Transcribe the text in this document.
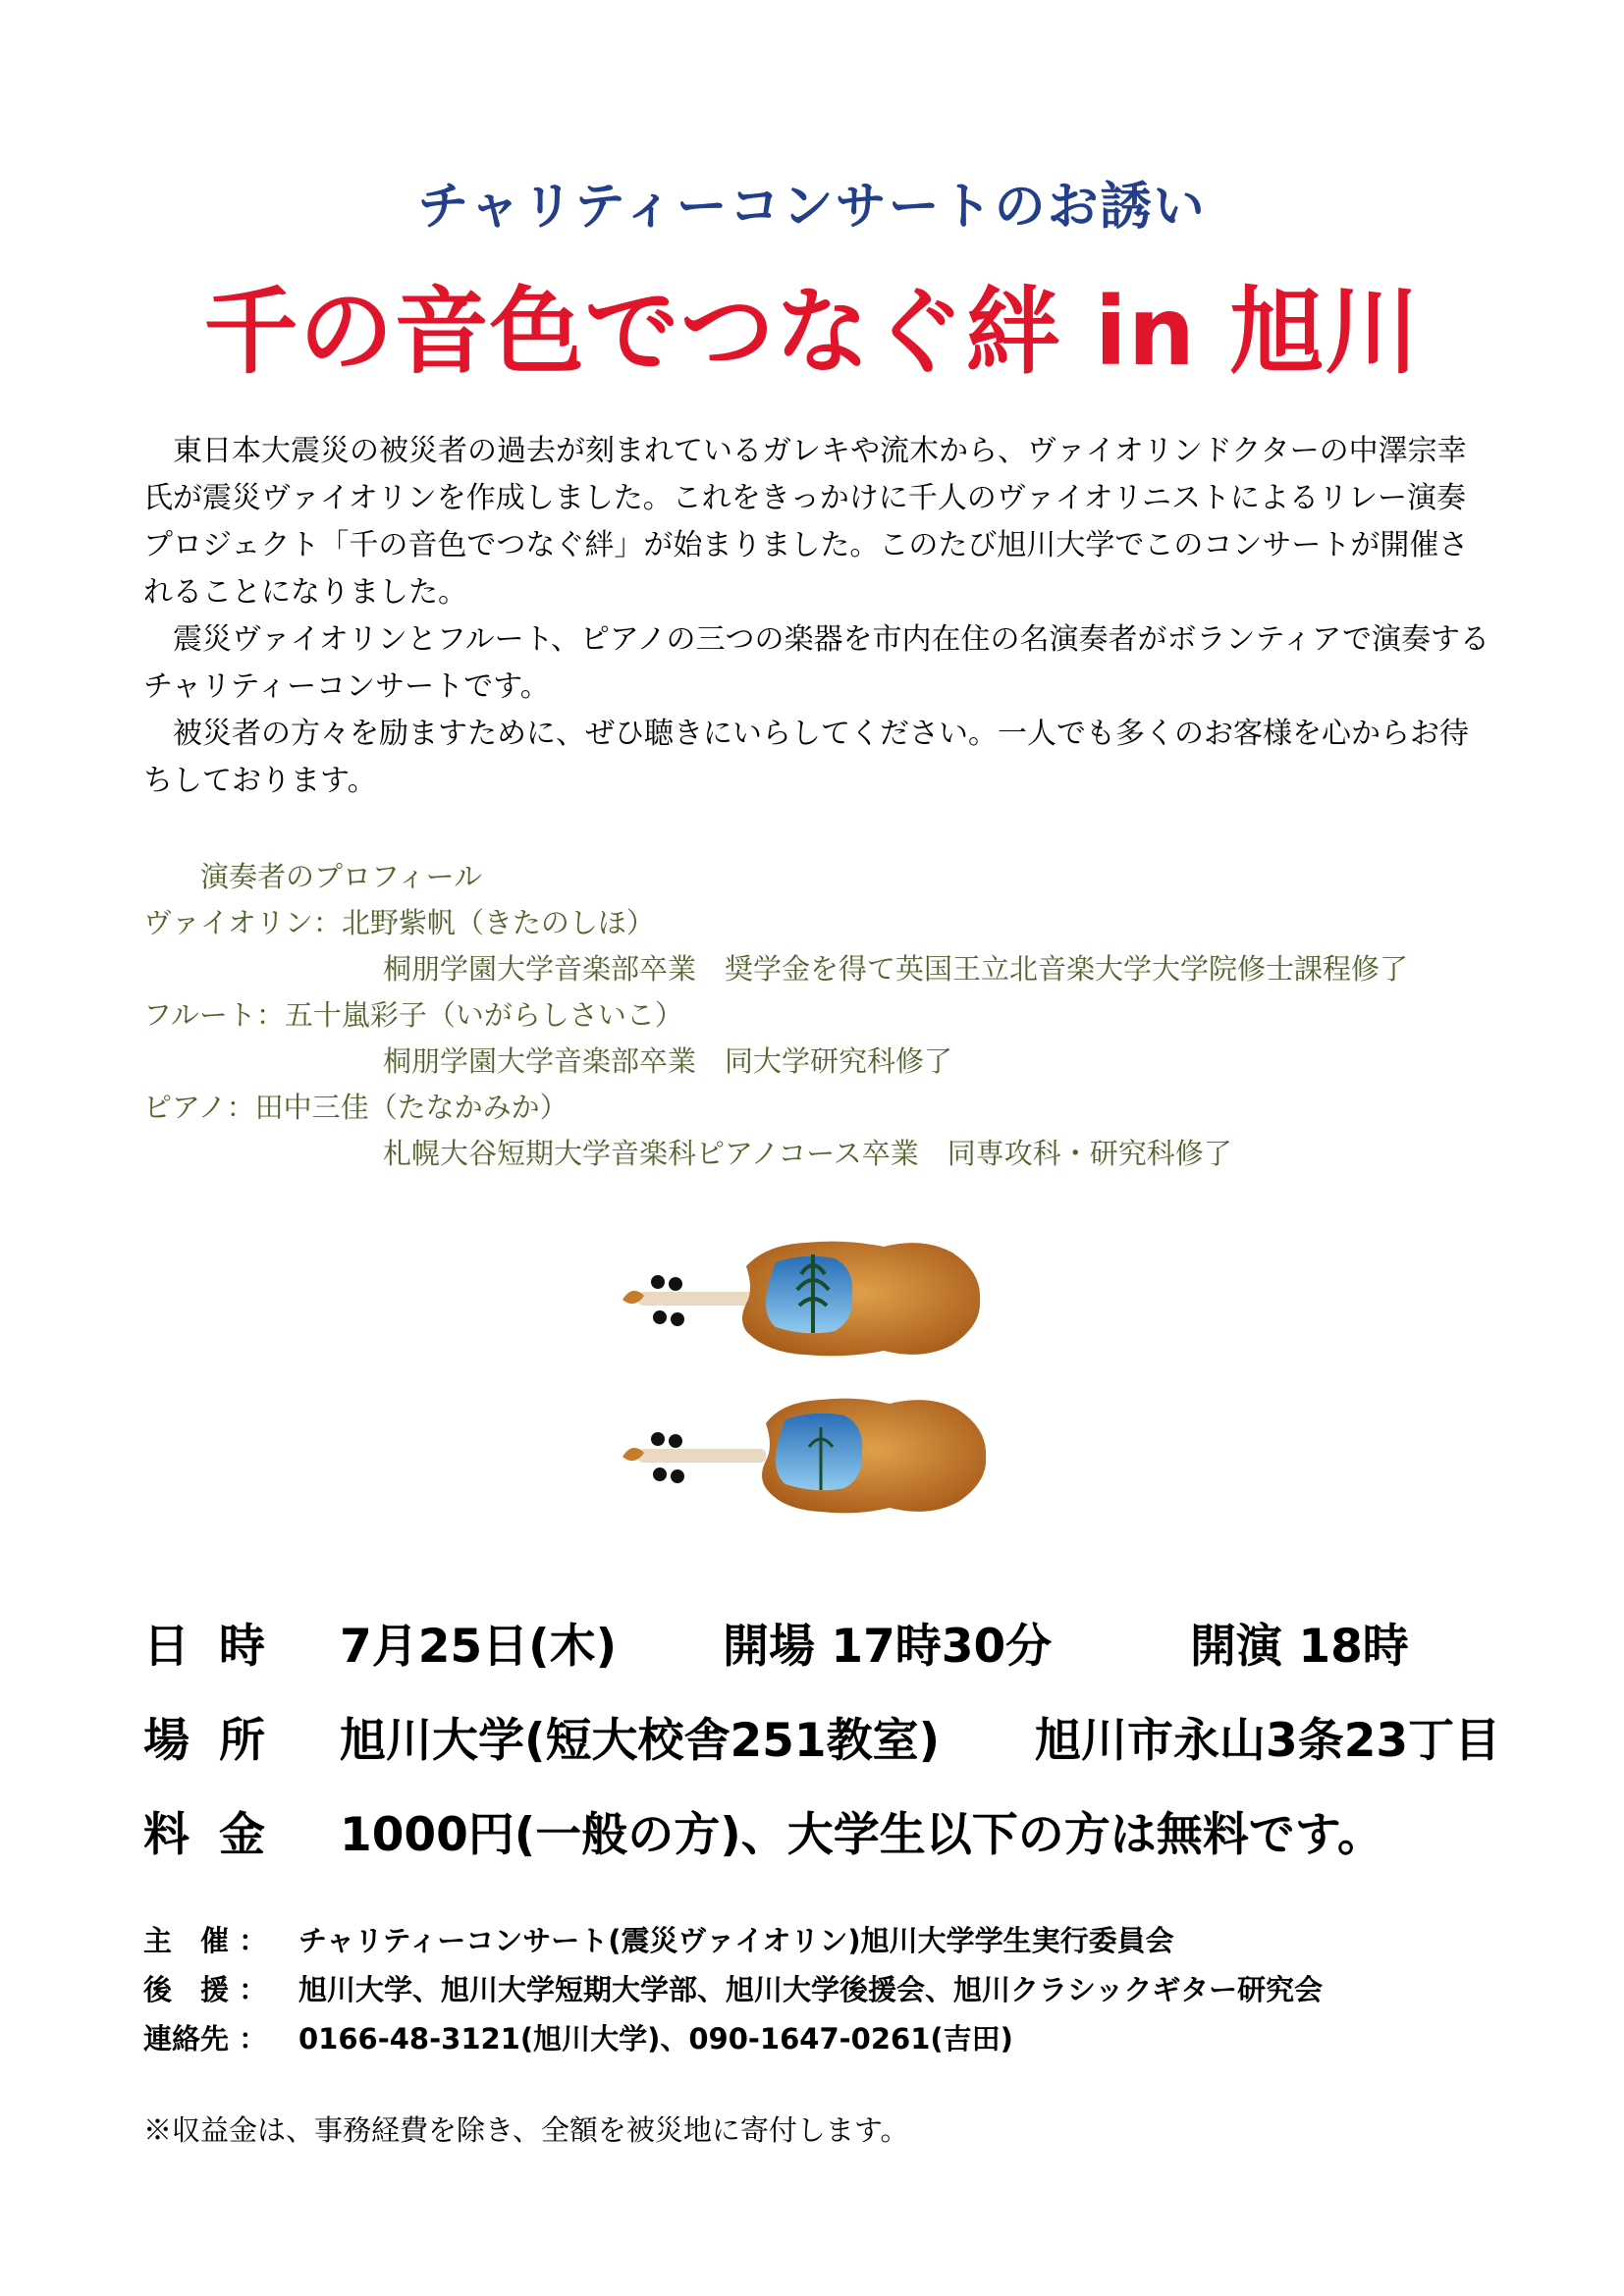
チャリティーコンサートのお誘い
千の音色でつなぐ絆 in 旭川

東日本大震災の被災者の過去が刻まれているガレキや流木から、ヴァイオリンドクターの中澤宗幸氏が震災ヴァイオリンを作成しました。これをきっかけに千人のヴァイオリニストによるリレー演奏プロジェクト「千の音色でつなぐ絆」が始まりました。このたび旭川大学でこのコンサートが開催されることになりました。

震災ヴァイオリンとフルート、ピアノの三つの楽器を市内在住の名演奏者がボランティアで演奏するチャリティーコンサートです。

被災者の方々を励ますために、ぜひ聴きにいらしてください。一人でも多くのお客様を心からお待ちしております。

演奏者のプロフィール
ヴァイオリン：北野紫帆（きたのしほ）
桐朋学園大学音楽部卒業　奨学金を得て英国王立北音楽大学大学院修士課程修了
フルート：五十嵐彩子（いがらしさいこ）
桐朋学園大学音楽部卒業　同大学研究科修了
ピアノ：田中三佳（たなかみか）
札幌大谷短期大学音楽科ピアノコース卒業　同専攻科・研究科修了
日時 7月25日(木) 開場 17時30分	開演 18時
場所 旭川大学(短大校舎251教室) 旭川市永山3条23丁目
料金 1000円(一般の方)、大学生以下の方は無料です。
主　催 ： チャリティーコンサート(震災ヴァイオリン)旭川大学学生実行委員会
後　援 ： 旭川大学、旭川大学短期大学部、旭川大学後援会、旭川クラシックギター研究会
連絡先 ： 0166-48-3121(旭川大学)、090-1647-0261(吉田)
※収益金は、事務経費を除き、全額を被災地に寄付します。
